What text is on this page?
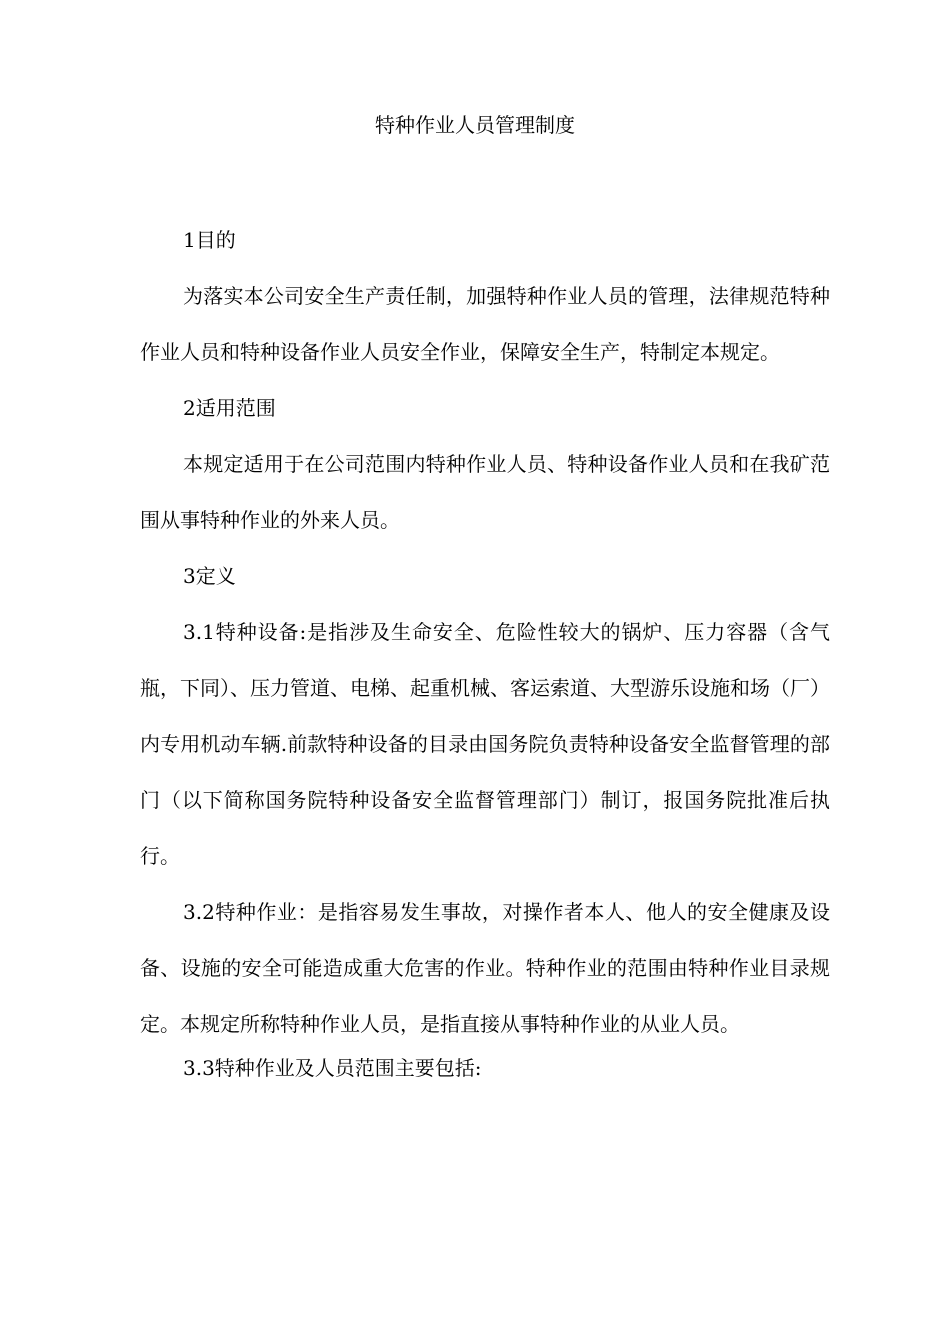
特种作业人员管理制度

1目的

为落实本公司安全生产责任制，加强特种作业人员的管理，法律规范特种作业人员和特种设备作业人员安全作业，保障安全生产，特制定本规定。

2适用范围

本规定适用于在公司范围内特种作业人员、特种设备作业人员和在我矿范围从事特种作业的外来人员。

3定义

3.1特种设备:是指涉及生命安全、危险性较大的锅炉、压力容器（含气瓶，下同）、压力管道、电梯、起重机械、客运索道、大型游乐设施和场（厂）内专用机动车辆.前款特种设备的目录由国务院负责特种设备安全监督管理的部门（以下简称国务院特种设备安全监督管理部门）制订，报国务院批准后执行。

3.2特种作业：是指容易发生事故，对操作者本人、他人的安全健康及设备、设施的安全可能造成重大危害的作业。特种作业的范围由特种作业目录规定。本规定所称特种作业人员，是指直接从事特种作业的从业人员。

3.3特种作业及人员范围主要包括:
